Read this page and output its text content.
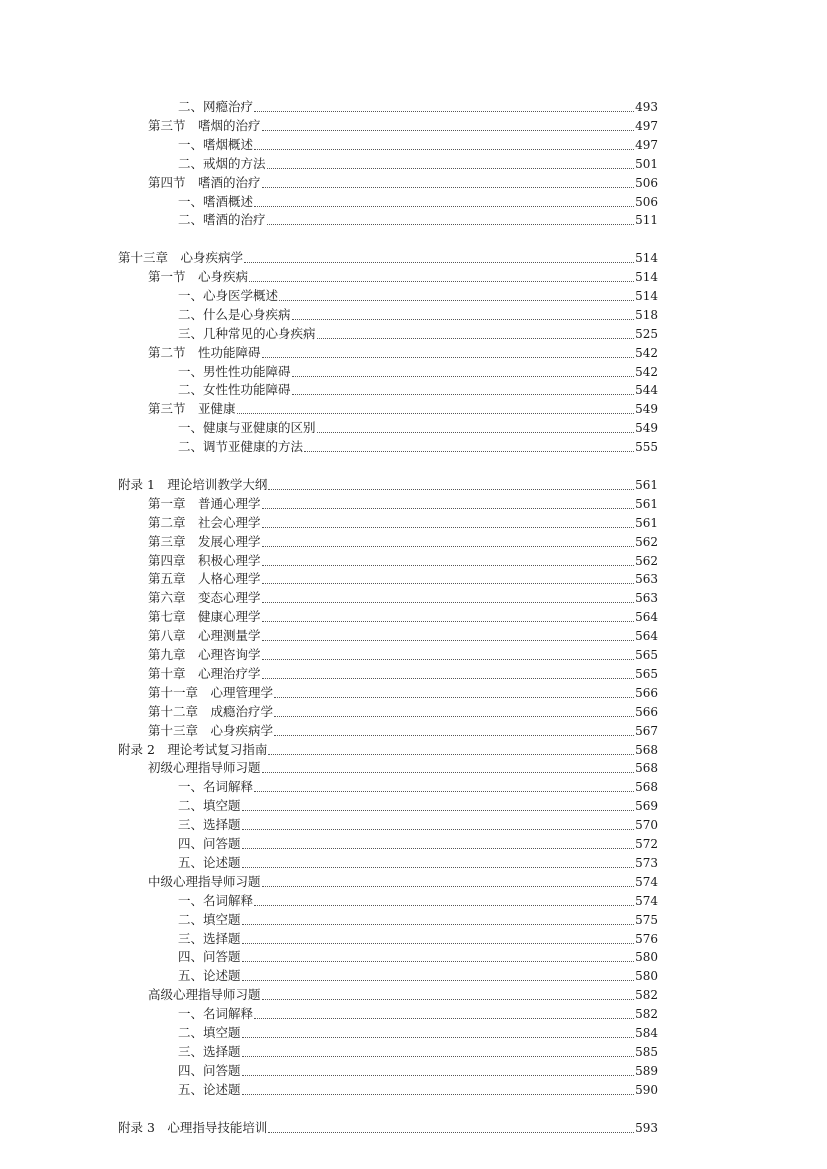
二、网瘾治疗	493
第三节　嗜烟的治疗	497
一、嗜烟概述	497
二、戒烟的方法	501
第四节　嗜酒的治疗	506
一、嗜酒概述	506
二、嗜酒的治疗	511
第十三章　心身疾病学	514
第一节　心身疾病	514
一、心身医学概述	514
二、什么是心身疾病	518
三、几种常见的心身疾病	525
第二节　性功能障碍	542
一、男性性功能障碍	542
二、女性性功能障碍	544
第三节　亚健康	549
一、健康与亚健康的区别	549
二、调节亚健康的方法	555
附录 1　理论培训教学大纲	561
第一章　普通心理学	561
第二章　社会心理学	561
第三章　发展心理学	562
第四章　积极心理学	562
第五章　人格心理学	563
第六章　变态心理学	563
第七章　健康心理学	564
第八章　心理测量学	564
第九章　心理咨询学	565
第十章　心理治疗学	565
第十一章　心理管理学	566
第十二章　成瘾治疗学	566
第十三章　心身疾病学	567
附录 2　理论考试复习指南	568
初级心理指导师习题	568
一、名词解释	568
二、填空题	569
三、选择题	570
四、问答题	572
五、论述题	573
中级心理指导师习题	574
一、名词解释	574
二、填空题	575
三、选择题	576
四、问答题	580
五、论述题	580
高级心理指导师习题	582
一、名词解释	582
二、填空题	584
三、选择题	585
四、问答题	589
五、论述题	590
附录 3　心理指导技能培训	593
